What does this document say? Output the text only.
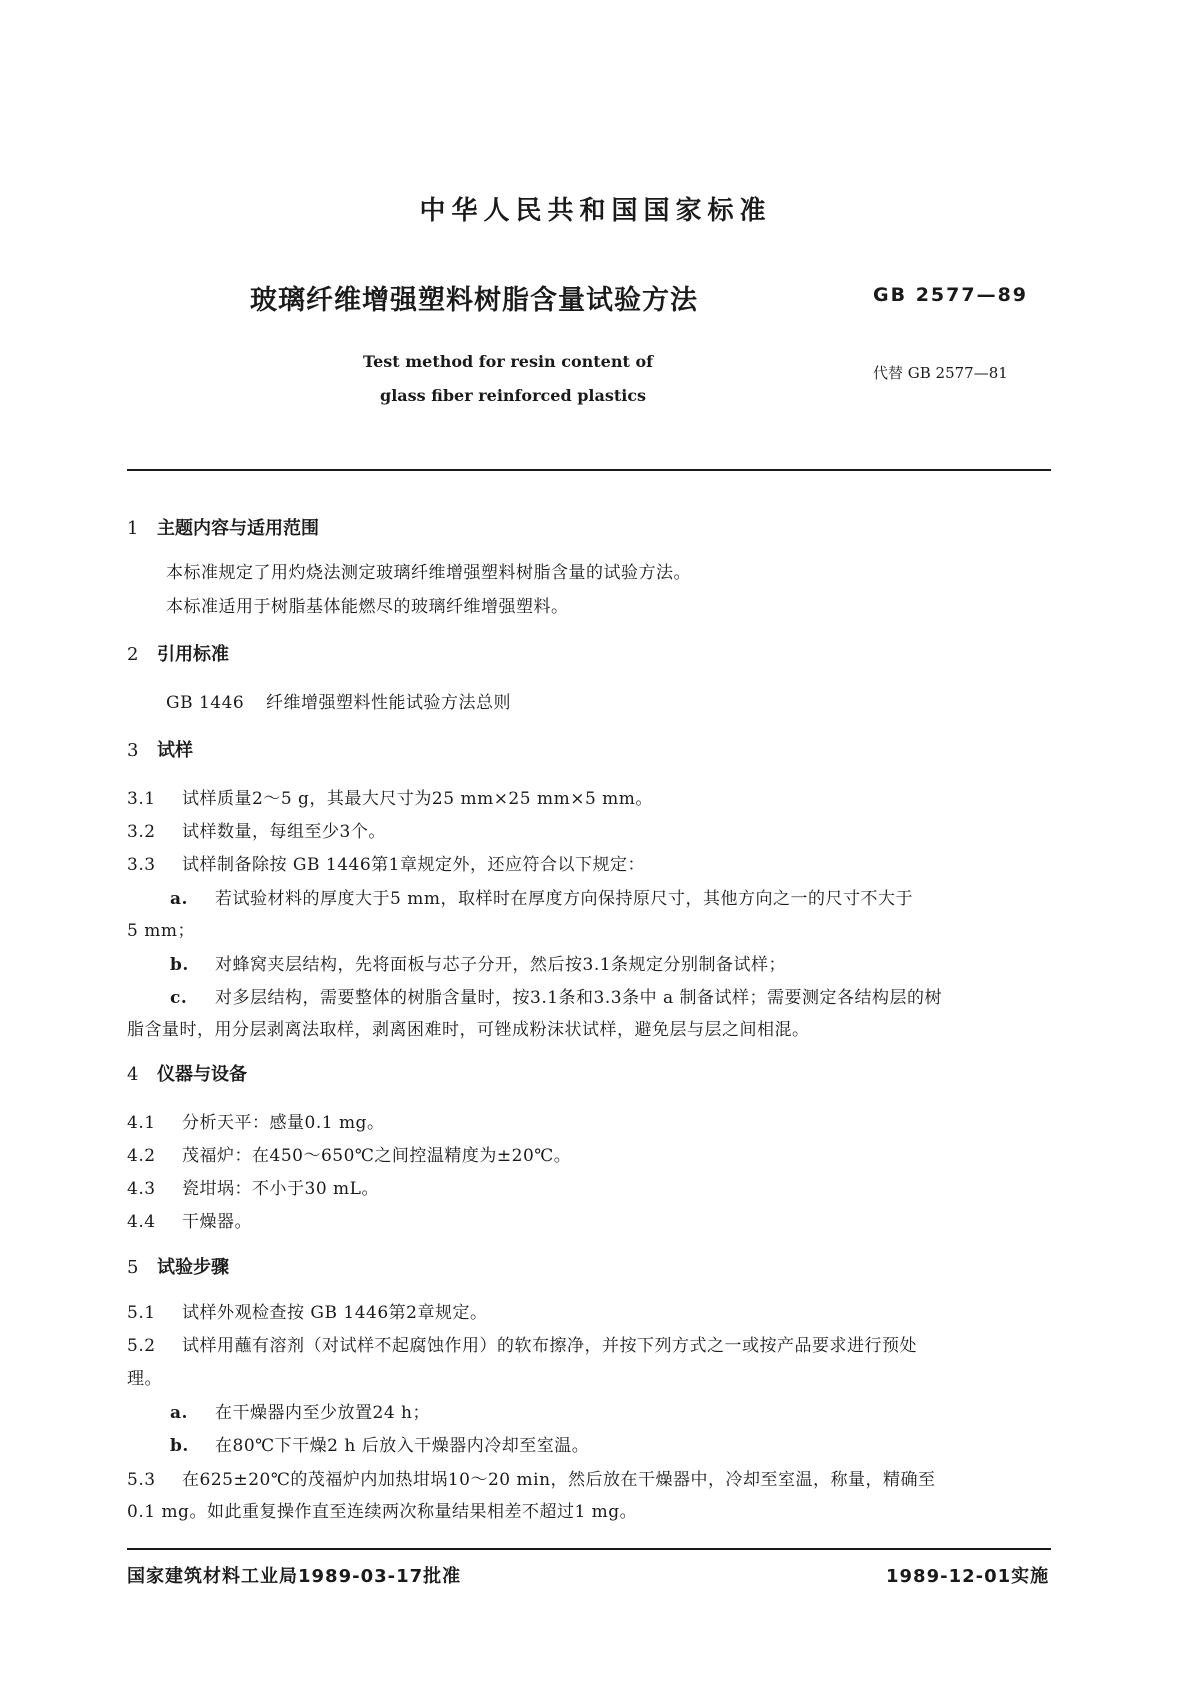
中华人民共和国国家标准
玻璃纤维增强塑料树脂含量试验方法	GB 2577—89
Test method for resin content of
glass fiber reinforced plastics
代替 GB 2577—81
1 主题内容与适用范围
本标准规定了用灼烧法测定玻璃纤维增强塑料树脂含量的试验方法。
本标准适用于树脂基体能燃尽的玻璃纤维增强塑料。
2 引用标准
GB 1446 纤维增强塑料性能试验方法总则
3 试样
3.1 试样质量2～5 g，其最大尺寸为25 mm×25 mm×5 mm。
3.2 试样数量，每组至少3个。
3.3 试样制备除按 GB 1446第1章规定外，还应符合以下规定：
a. 若试验材料的厚度大于5 mm，取样时在厚度方向保持原尺寸，其他方向之一的尺寸不大于
5 mm；
b. 对蜂窝夹层结构，先将面板与芯子分开，然后按3.1条规定分别制备试样；
c. 对多层结构，需要整体的树脂含量时，按3.1条和3.3条中 a 制备试样；需要测定各结构层的树
脂含量时，用分层剥离法取样，剥离困难时，可锉成粉沫状试样，避免层与层之间相混。
4 仪器与设备
4.1 分析天平：感量0.1 mg。
4.2 茂福炉：在450～650℃之间控温精度为±20℃。
4.3 瓷坩埚：不小于30 mL。
4.4 干燥器。
5 试验步骤
5.1 试样外观检查按 GB 1446第2章规定。
5.2 试样用蘸有溶剂（对试样不起腐蚀作用）的软布擦净，并按下列方式之一或按产品要求进行预处
理。
a. 在干燥器内至少放置24 h；
b. 在80℃下干燥2 h 后放入干燥器内冷却至室温。
5.3 在625±20℃的茂福炉内加热坩埚10～20 min，然后放在干燥器中，冷却至室温，称量，精确至
0.1 mg。如此重复操作直至连续两次称量结果相差不超过1 mg。
国家建筑材料工业局1989-03-17批准	1989-12-01实施
